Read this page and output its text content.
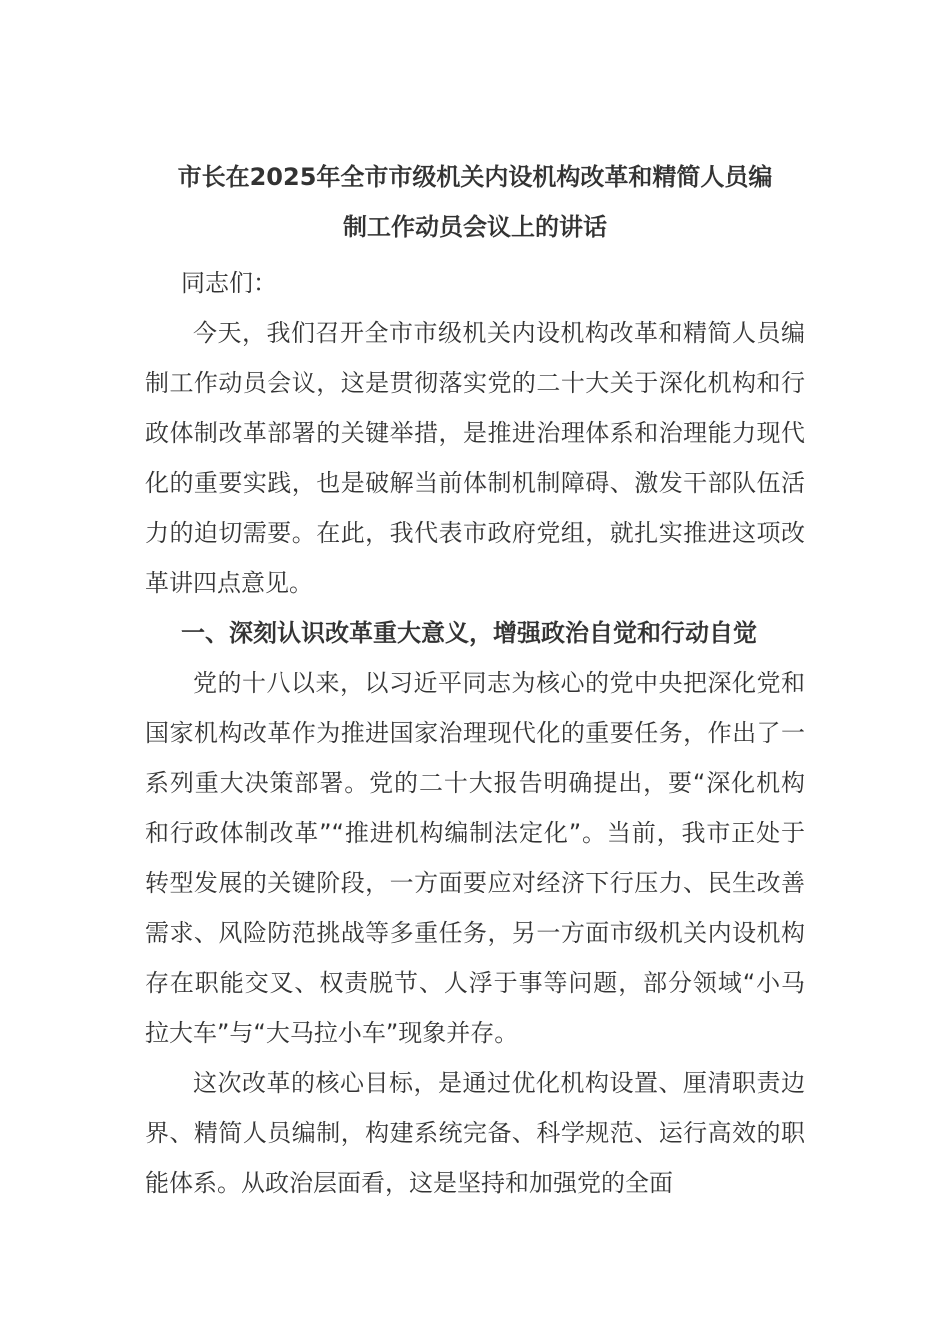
市长在2025年全市市级机关内设机构改革和精简人员编
制工作动员会议上的讲话

同志们：

今天，我们召开全市市级机关内设机构改革和精简人员编制工作动员会议，这是贯彻落实党的二十大关于深化机构和行政体制改革部署的关键举措，是推进治理体系和治理能力现代化的重要实践，也是破解当前体制机制障碍、激发干部队伍活力的迫切需要。在此，我代表市政府党组，就扎实推进这项改革讲四点意见。

一、深刻认识改革重大意义，增强政治自觉和行动自觉

党的十八以来，以习近平同志为核心的党中央把深化党和国家机构改革作为推进国家治理现代化的重要任务，作出了一系列重大决策部署。党的二十大报告明确提出，要“深化机构和行政体制改革”“推进机构编制法定化”。当前，我市正处于转型发展的关键阶段，一方面要应对经济下行压力、民生改善需求、风险防范挑战等多重任务，另一方面市级机关内设机构存在职能交叉、权责脱节、人浮于事等问题，部分领域“小马拉大车”与“大马拉小车”现象并存。

这次改革的核心目标，是通过优化机构设置、厘清职责边界、精简人员编制，构建系统完备、科学规范、运行高效的职能体系。从政治层面看，这是坚持和加强党的全面
